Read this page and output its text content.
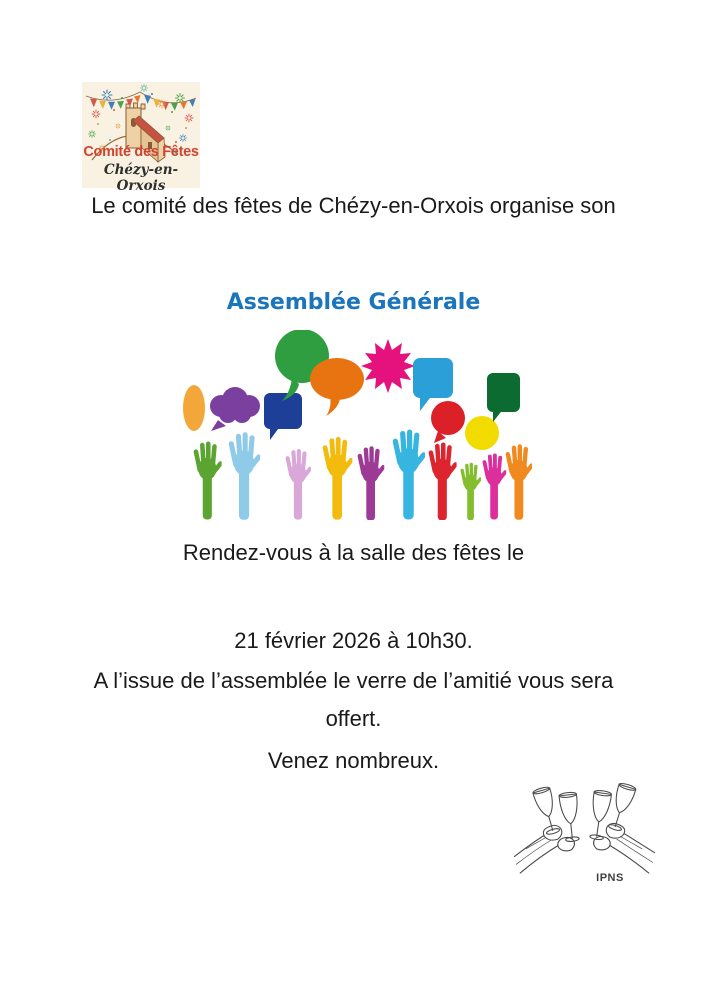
Comité des Fêtes
Chézy-en-Orxois
Le comité des fêtes de Chézy-en-Orxois organise son
Assemblée Générale
Rendez-vous à la salle des fêtes le
21 février 2026 à 10h30.
A l’issue de l’assemblée le verre de l’amitié vous sera offert.
Venez nombreux.
IPNS
